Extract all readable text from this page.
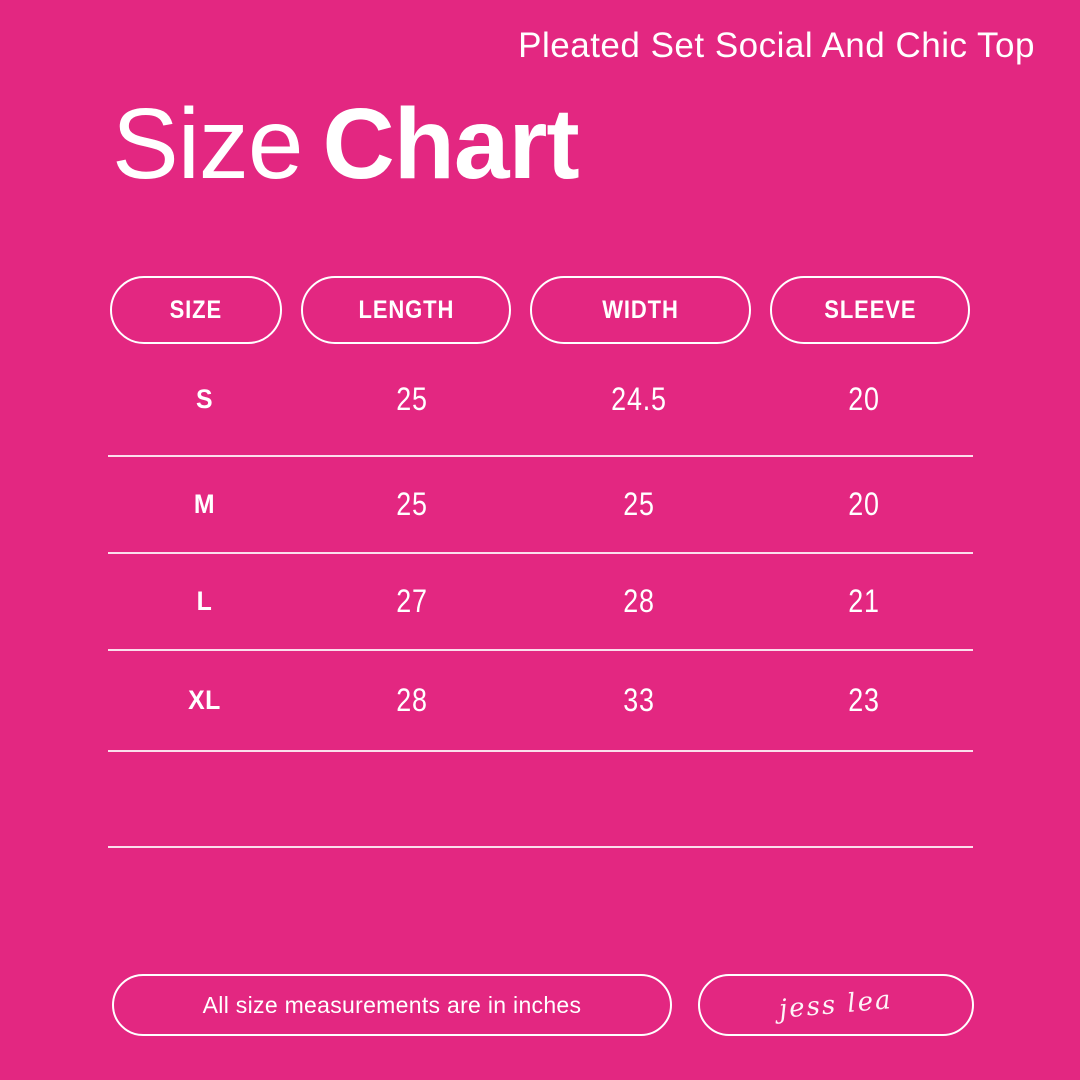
Pleated Set Social And Chic Top
Size Chart
SIZE	LENGTH	WIDTH	SLEEVE
S	25	24.5	20
M	25	25	20
L	27	28	21
XL	28	33	23
All size measurements are in inches	jess lea
